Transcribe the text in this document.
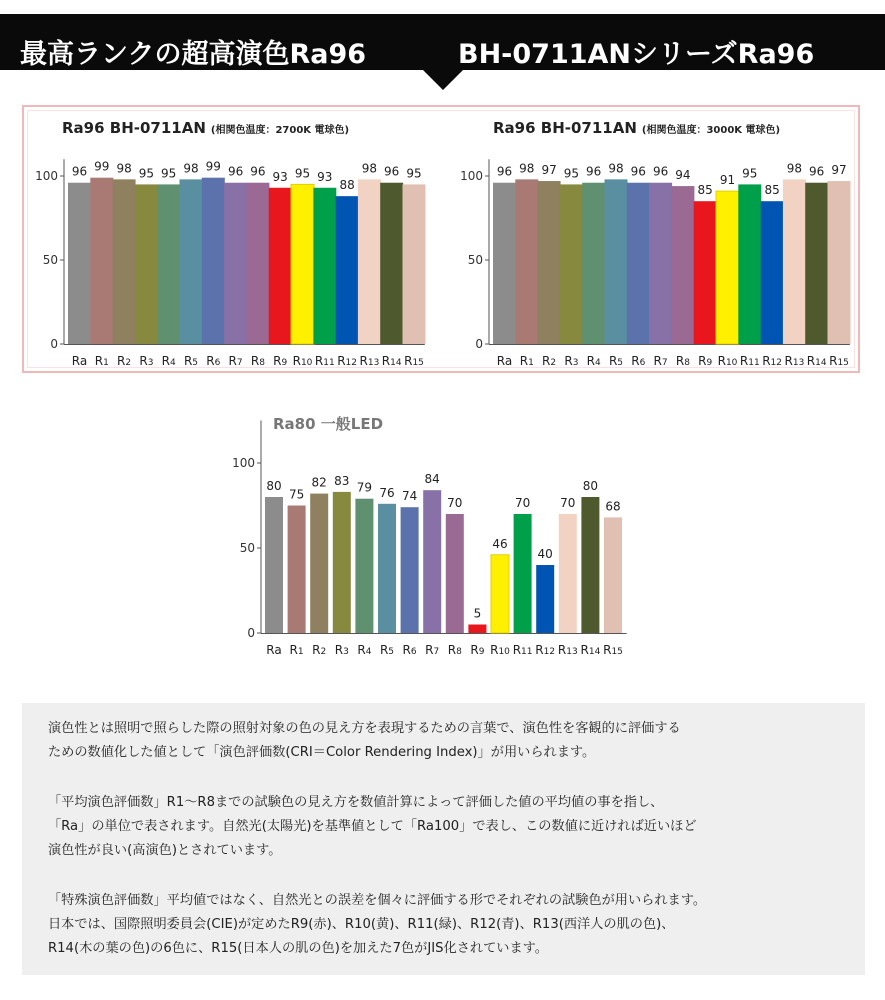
最高ランクの超高演色Ra96	BH-0711ANシリーズRa96
Ra96 BH-0711AN (相関色温度：2700K 電球色)
0
50
100 96
Ra
99
R1
98
R2
95
R3
95
R4
98
R5
99
R6
96
R7
96
R8
93
R9
95
R10
93
R11
88
R12
98
R13
96
R14
95
R15
Ra96 BH-0711AN (相関色温度：3000K 電球色)
0
50
100 96
Ra
98
R1
97
R2
95
R3
96
R4
98
R5
96
R6
96
R7
94
R8
85
R9
91
R10
95
R11
85
R12
98
R13
96
R14
97
R15
Ra80 一般LED
0
50
100
80
Ra
75
R1
82
R2
83
R3
79
R4
76
R5
74
R6
84
R7
70
R8
5
R9
46
R10
70
R11
40
R12
70
R13
80
R14
68
R15

演色性とは照明で照らした際の照射対象の色の見え方を表現するための言葉で、演色性を客観的に評価する
ための数値化した値として「演色評価数(CRI＝Color Rendering Index)」が用いられます。

「平均演色評価数」R1〜R8までの試験色の見え方を数値計算によって評価した値の平均値の事を指し、
「Ra」の単位で表されます。自然光(太陽光)を基準値として「Ra100」で表し、この数値に近ければ近いほど
演色性が良い(高演色)とされています。

「特殊演色評価数」平均値ではなく、自然光との誤差を個々に評価する形でそれぞれの試験色が用いられます。
日本では、国際照明委員会(CIE)が定めたR9(赤)、R10(黄)、R11(緑)、R12(青)、R13(西洋人の肌の色)、
R14(木の葉の色)の6色に、R15(日本人の肌の色)を加えた7色がJIS化されています。
